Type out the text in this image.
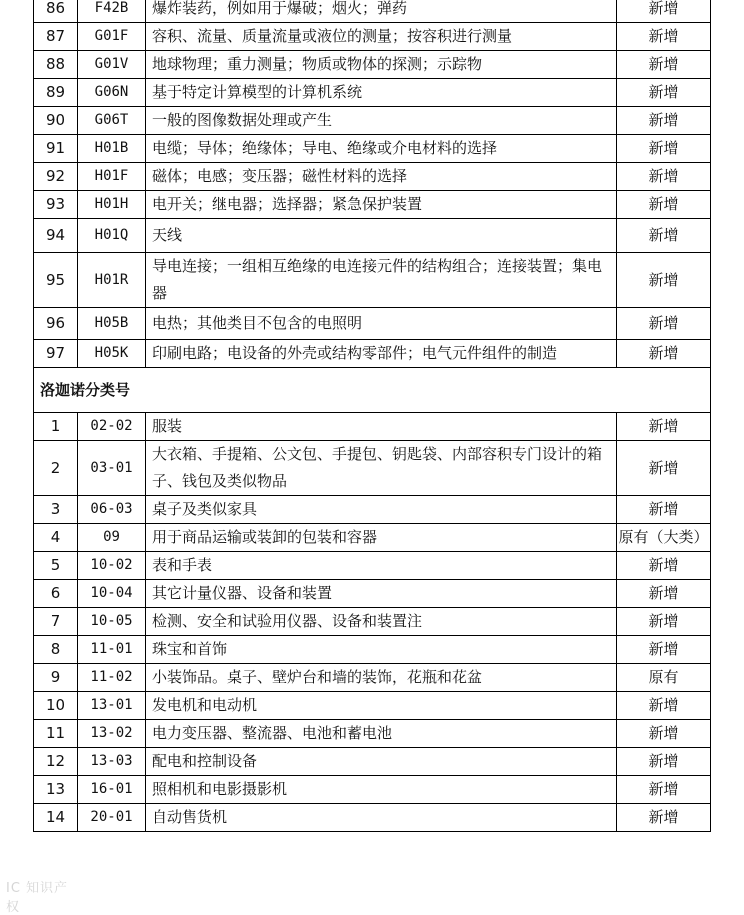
86	F42B	爆炸装药，例如用于爆破；烟火；弹药	新增
87	G01F	容积、流量、质量流量或液位的测量；按容积进行测量	新增
88	G01V	地球物理；重力测量；物质或物体的探测；示踪物	新增
89	G06N	基于特定计算模型的计算机系统	新增
90	G06T	一般的图像数据处理或产生	新增
91	H01B	电缆；导体；绝缘体；导电、绝缘或介电材料的选择	新增
92	H01F	磁体；电感；变压器；磁性材料的选择	新增
93	H01H	电开关；继电器；选择器；紧急保护装置	新增
94	H01Q	天线	新增
95	H01R	导电连接；一组相互绝缘的电连接元件的结构组合；连接装置；集电器	新增
96	H05B	电热；其他类目不包含的电照明	新增
97	H05K	印刷电路；电设备的外壳或结构零部件；电气元件组件的制造	新增
洛迦诺分类号			
1	02-02	服装	新增
2	03-01	大衣箱、手提箱、公文包、手提包、钥匙袋、内部容积专门设计的箱子、钱包及类似物品	新增
3	06-03	桌子及类似家具	新增
4	09	用于商品运输或装卸的包装和容器	原有（大类）
5	10-02	表和手表	新增
6	10-04	其它计量仪器、设备和装置	新增
7	10-05	检测、安全和试验用仪器、设备和装置注	新增
8	11-01	珠宝和首饰	新增
9	11-02	小装饰品。桌子、壁炉台和墙的装饰，花瓶和花盆	原有
10	13-01	发电机和电动机	新增
11	13-02	电力变压器、整流器、电池和蓄电池	新增
12	13-03	配电和控制设备	新增
13	16-01	照相机和电影摄影机	新增
14	20-01	自动售货机	新增
IC 知识产权
